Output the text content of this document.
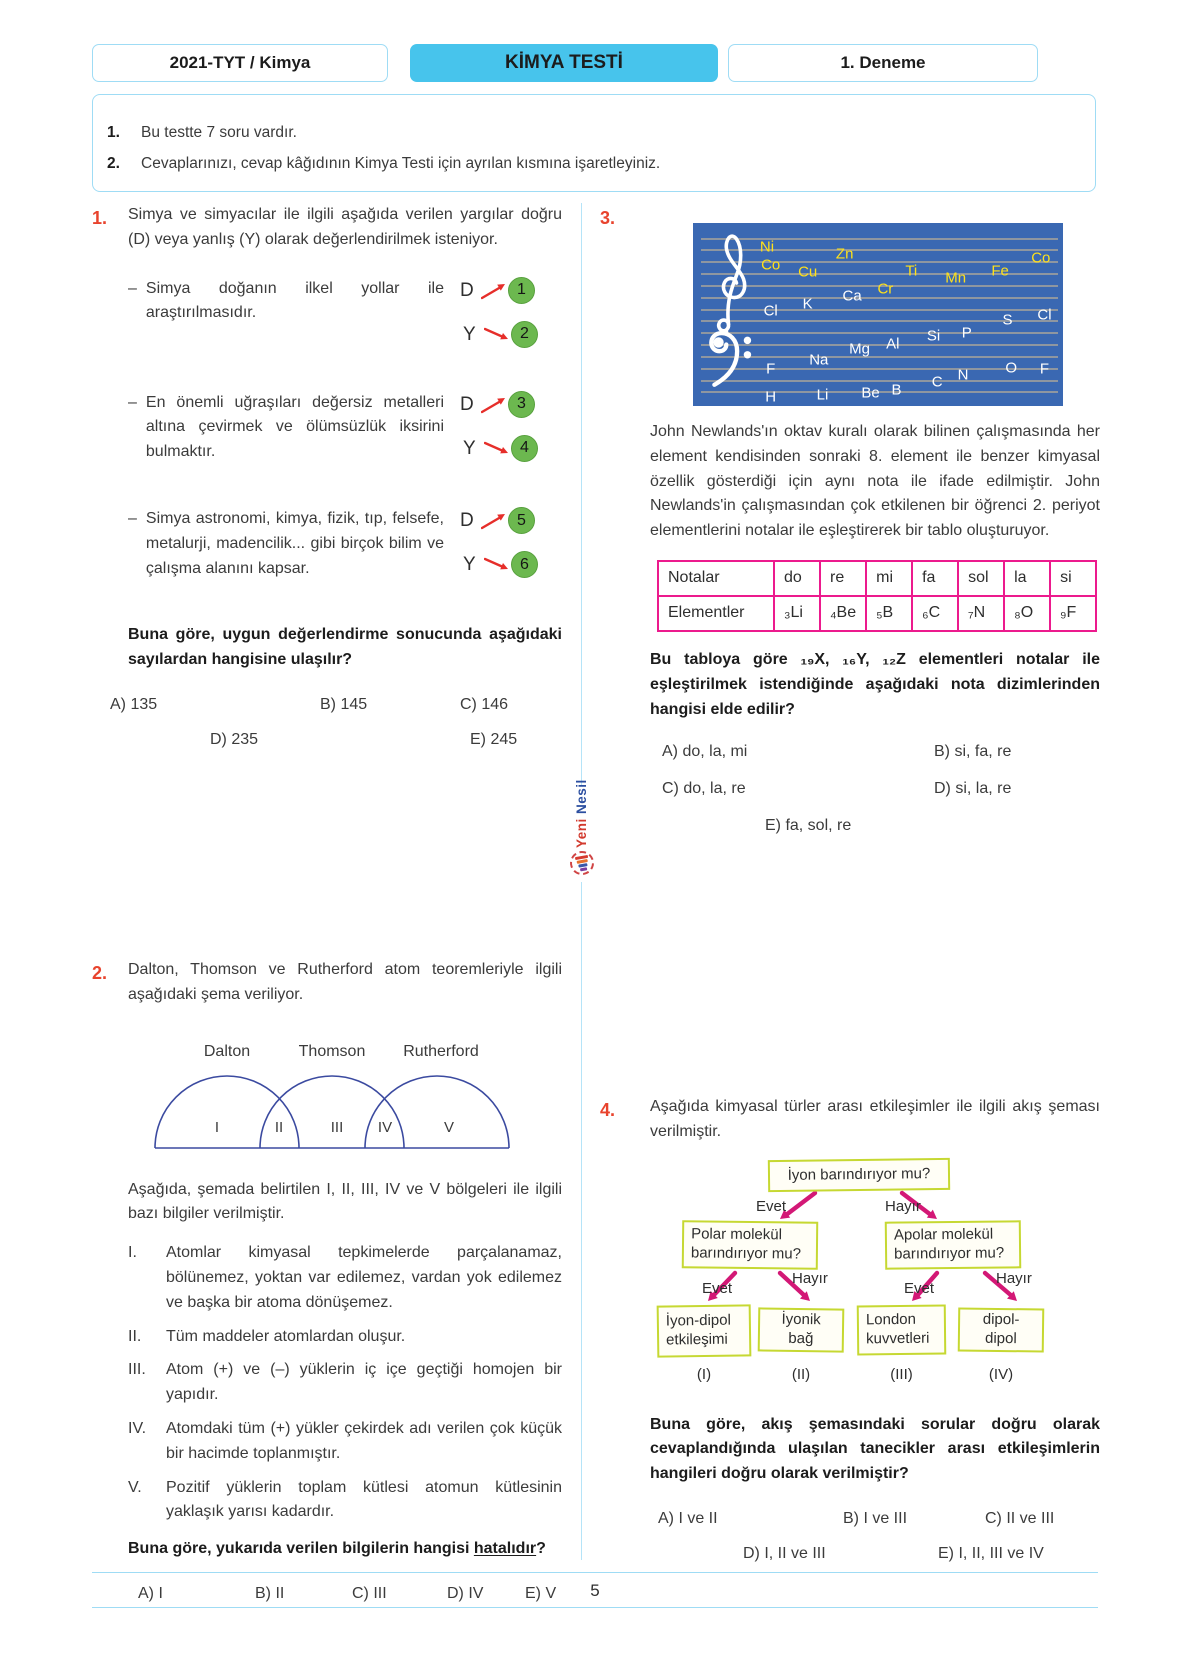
2021-TYT / Kimya	KİMYA TESTİ	1. Deneme
1.	Bu testte 7 soru vardır.
2.	Cevaplarınızı, cevap kâğıdının Kimya Testi için ayrılan kısmına işaretleyiniz.
Yeni Nesil
1.	Simya ve simyacılar ile ilgili aşağıda verilen yargılar doğru (D) veya yanlış (Y) olarak değerlendirilmek isteniyor.
– Simya doğanın ilkel yollar ile araştırılmasıdır.
D	1
Y	2
– En önemli uğraşıları değersiz metalleri altına çevirmek ve ölümsüzlük iksirini bulmaktır.
D	3
Y	4
– Simya astronomi, kimya, fizik, tıp, felsefe, metalurji, madencilik... gibi birçok bilim ve çalışma alanını kapsar.
D	5
Y	6
Buna göre, uygun değerlendirme sonucunda aşağıdaki sayılardan hangisine ulaşılır?
A) 135	B) 145	C) 146
D) 235	E) 245
2.	Dalton, Thomson ve Rutherford atom teoremleriyle ilgili aşağıdaki şema veriliyor.
Dalton	Thomson Rutherford
I	II	III IV	V
Aşağıda, şemada belirtilen I, II, III, IV ve V bölgeleri ile ilgili bazı bilgiler verilmiştir.
I.	Atomlar kimyasal tepkimelerde parçalanamaz, bölünemez, yoktan var edilemez, vardan yok edilemez ve başka bir atoma dönüşemez.
II.	Tüm maddeler atomlardan oluşur.
III.	Atom (+) ve (–) yüklerin iç içe geçtiği homojen bir yapıdır.
IV.	Atomdaki tüm (+) yükler çekirdek adı verilen çok küçük bir hacimde toplanmıştır.
V.	Pozitif yüklerin toplam kütlesi atomun kütlesinin yaklaşık yarısı kadardır.
Buna göre, yukarıda verilen bilgilerin hangisi hatalıdır?
A) I	B) II	C) III	D) IV	E) V
3.
Ni
Co Cu
Zn
Cr
Ti Mn Fe
Co
Cl K Ca
Cl
S
P
Si
Al
Mg
Na
F	O F
N
C
B
Be
Li
H
John Newlands'ın oktav kuralı olarak bilinen çalışmasında her element kendisinden sonraki 8. element ile benzer kimyasal özellik gösterdiği için aynı nota ile ifade edilmiştir. John Newlands'in çalışmasından çok etkilenen bir öğrenci 2. periyot elementlerini notalar ile eşleştirerek bir tablo oluşturuyor.
Notalar	do	re	mi	fa	sol	la	si
Elementler	₃Li	₄Be	₅B	₆C	₇N	₈O	₉F
Bu tabloya göre ₁₉X, ₁₆Y, ₁₂Z elementleri notalar ile eşleştirilmek istendiğinde aşağıdaki nota dizimlerinden hangisi elde edilir?
A) do, la, mi	B) si, fa, re
C) do, la, re	D) si, la, re
E) fa, sol, re
4.	Aşağıda kimyasal türler arası etkileşimler ile ilgili akış şeması verilmiştir.
İyon barındırıyor mu?
Evet	Hayır
Polar molekül barındırıyor mu?
Apolar molekül barındırıyor mu?
Evet
Hayır
Evet
Hayır
İyon-dipol etkileşimi
İyonik bağ
London kuvvetleri
dipol-dipol
(I)	(II)	(III)	(IV)
Buna göre, akış şemasındaki sorular doğru olarak cevaplandığında ulaşılan tanecikler arası etkileşimlerin hangileri doğru olarak verilmiştir?
A) I ve II	B) I ve III	C) II ve III
D) I, II ve III	E) I, II, III ve IV
5
